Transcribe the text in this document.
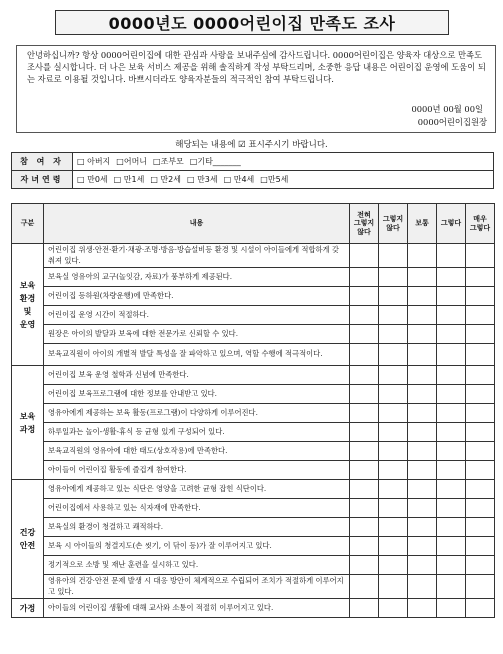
0000년도 0000어린이집 만족도 조사

안녕하십니까? 항상 0000어린이집에 대한 관심과 사랑을 보내주심에 감사드립니다. 0000어린이집은 양육자 대상으로 만족도조사를 실시합니다. 더 나은 보육 서비스 제공을 위해 솔직하게 작성 부탁드리며, 소중한 응답 내용은 어린이집 운영에 도움이 되는 자료로 이용될 것입니다. 바쁘시더라도 양육자분들의 적극적인 참여 부탁드립니다.

0000년 00월 00일
0000어린이집원장
해당되는 내용에 ☑ 표시주시기 바랍니다.
참 여 자	□ 아버지 □어머니 □조부모 □기타_______
자녀연령	□ 만0세 □ 만1세 □ 만2세 □ 만3세 □ 만4세 □만5세
구분	내용	전혀
그렇지
않다	그렇지
않다	보통	그렇다	매우
그렇다
보육
환경
및
운영	어린이집 위생·안전·환기·채광·조명·방음·방습설비등 환경 및 시설이 아이들에게 적합하게 갖춰져 있다.					
	보육실 영유아의 교구(놀잇감, 자료)가 풍부하게 제공된다.					
	어린이집 등하원(차량운행)에 만족한다.					
	어린이집 운영 시간이 적절하다.					
	원장은 아이의 발달과 보육에 대한 전문가로 신뢰할 수 있다.					
	보육교직원이 아이의 개별적 발달 특성을 잘 파악하고 있으며, 역할 수행에 적극적이다.					
보육
과정	어린이집 보육 운영 철학과 신념에 만족한다.					
	어린이집 보육프로그램에 대한 정보를 안내받고 있다.					
	영유아에게 제공하는 보육 활동(프로그램)이 다양하게 이루어진다.					
	하루일과는 놀이-생활-휴식 등 균형 있게 구성되어 있다.					
	보육교직원의 영유아에 대한 태도(상호작용)에 만족한다.					
	아이들이 어린이집 활동에 즐겁게 참여한다.					
건강
안전	영유아에게 제공하고 있는 식단은 영양을 고려한 균형 잡힌 식단이다.					
	어린이집에서 사용하고 있는 식자재에 만족한다.					
	보육실의 환경이 청결하고 쾌적하다.					
	보육 시 아이들의 청결지도(손 씻기, 이 닦이 등)가 잘 이루어지고 있다.					
	정기적으로 소방 및 재난 훈련을 실시하고 있다.					
	영유아의 건강·안전 문제 발생 시 대응 방안이 체계적으로 수립되어 조치가 적절하게 이루어지고 있다.					
가정	아이들의 어린이집 생활에 대해 교사와 소통이 적절히 이루어지고 있다.					
